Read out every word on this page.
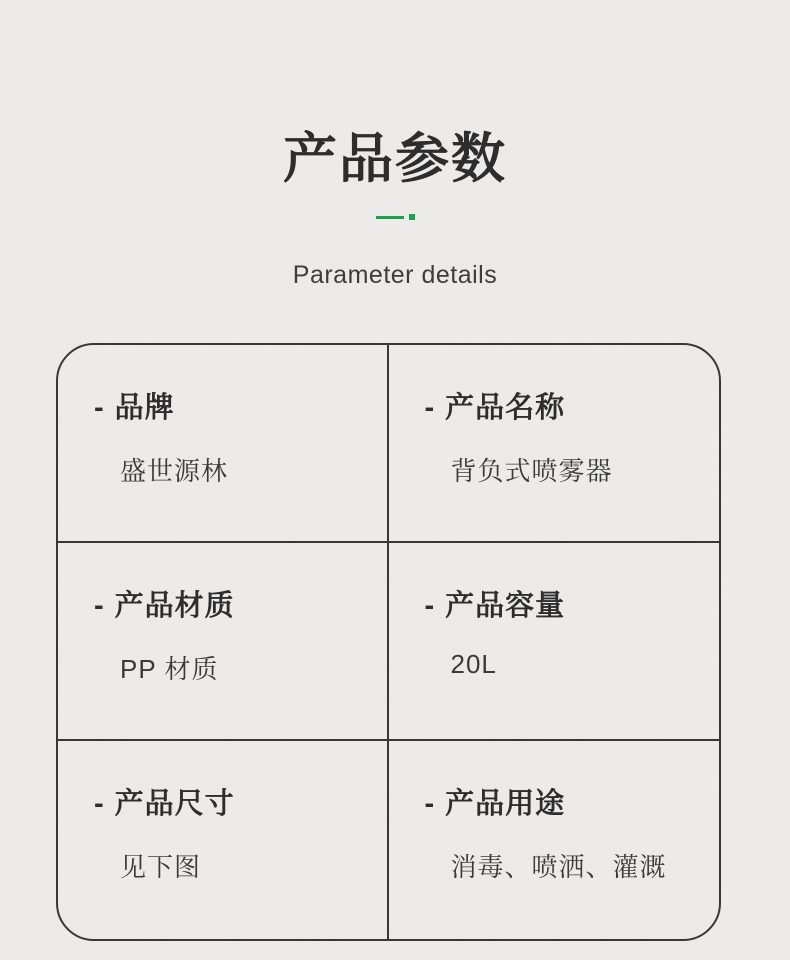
产品参数
Parameter details
- 品牌
盛世源林
- 产品名称
背负式喷雾器
- 产品材质
PP 材质
- 产品容量
20L
- 产品尺寸
见下图
- 产品用途
消毒、喷洒、灌溉
